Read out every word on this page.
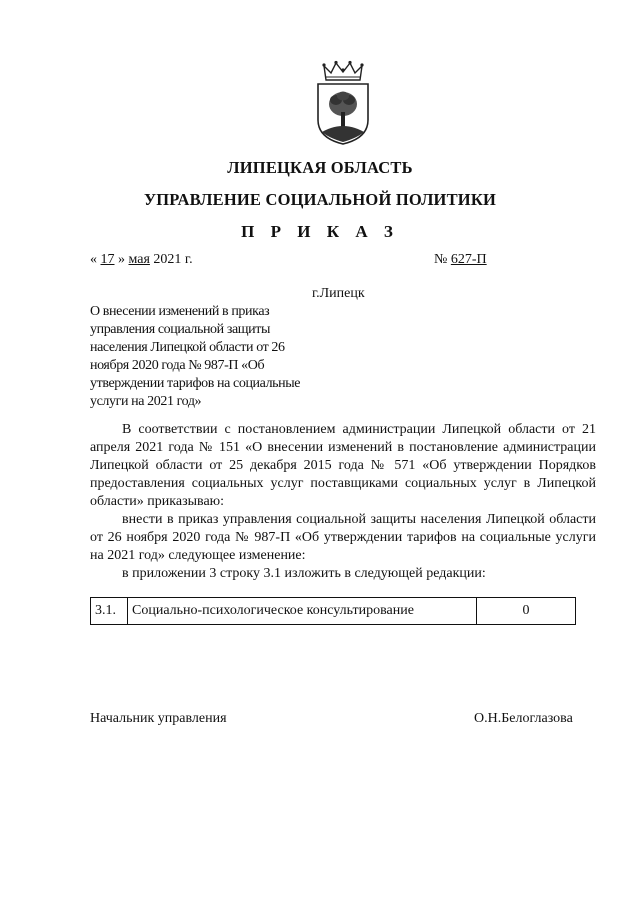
ЛИПЕЦКАЯ ОБЛАСТЬ
УПРАВЛЕНИЕ СОЦИАЛЬНОЙ ПОЛИТИКИ
П Р И К А З
« 17 » мая 2021 г.	№ 627-П
г.Липецк
О внесении изменений в приказ управления социальной защиты населения Липецкой области от 26 ноября 2020 года № 987-П «Об утверждении тарифов на социальные услуги на 2021 год»
В соответствии с постановлением администрации Липецкой области от 21 апреля 2021 года № 151 «О внесении изменений в постановление администрации Липецкой области от 25 декабря 2015 года № 571 «Об утверждении Порядков предоставления социальных услуг поставщиками социальных услуг в Липецкой области» приказываю:
внести в приказ управления социальной защиты населения Липецкой области от 26 ноября 2020 года № 987-П «Об утверждении тарифов на социальные услуги на 2021 год» следующее изменение:
в приложении 3 строку 3.1 изложить в следующей редакции:
3.1.	Социально-психологическое консультирование	0
Начальник управления	О.Н.Белоглазова
